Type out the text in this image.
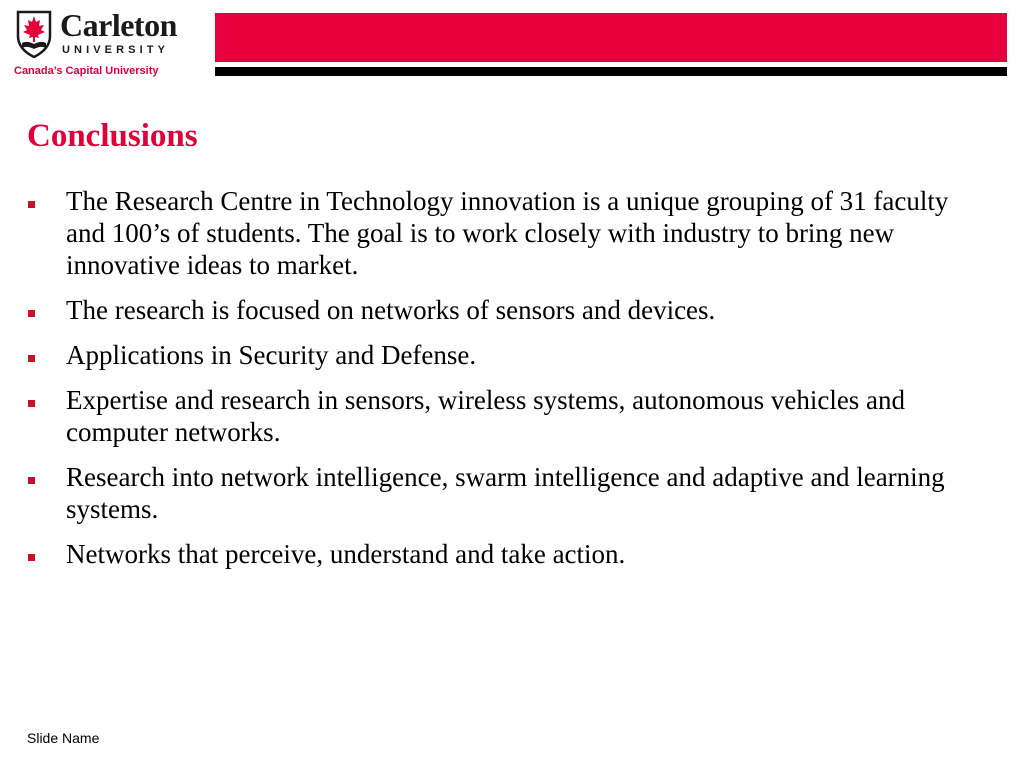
Carleton
UNIVERSITY
Canada’s Capital University
Conclusions
The Research Centre in Technology innovation is a unique grouping of 31 faculty and 100’s of students. The goal is to work closely with industry to bring new innovative ideas to market.
The research is focused on networks of sensors and devices.
Applications in Security and Defense.
Expertise and research in sensors, wireless systems, autonomous vehicles and computer networks.
Research into network intelligence, swarm intelligence and adaptive and learning systems.
Networks that perceive, understand and take action.
Slide Name
